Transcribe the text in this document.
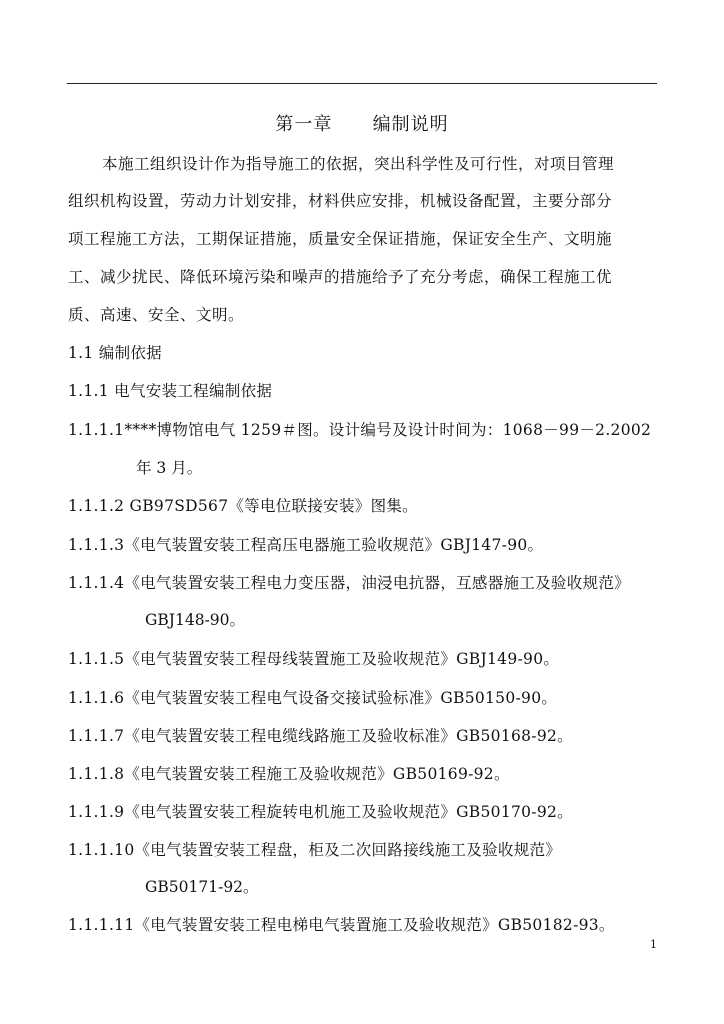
第一章      编制说明
本施工组织设计作为指导施工的依据，突出科学性及可行性，对项目管理
组织机构设置，劳动力计划安排，材料供应安排，机械设备配置，主要分部分
项工程施工方法，工期保证措施，质量安全保证措施，保证安全生产、文明施
工、减少扰民、降低环境污染和噪声的措施给予了充分考虑，确保工程施工优
质、高速、安全、文明。
1.1 编制依据
1.1.1 电气安装工程编制依据
1.1.1.1****博物馆电气 1259＃图。设计编号及设计时间为：1068－99－2.2002
年 3 月。
1.1.1.2 GB97SD567《等电位联接安装》图集。
1.1.1.3《电气装置安装工程高压电器施工验收规范》GBJ147-90。
1.1.1.4《电气装置安装工程电力变压器，油浸电抗器，互感器施工及验收规范》
GBJ148-90。
1.1.1.5《电气装置安装工程母线装置施工及验收规范》GBJ149-90。
1.1.1.6《电气装置安装工程电气设备交接试验标准》GB50150-90。
1.1.1.7《电气装置安装工程电缆线路施工及验收标准》GB50168-92。
1.1.1.8《电气装置安装工程施工及验收规范》GB50169-92。
1.1.1.9《电气装置安装工程旋转电机施工及验收规范》GB50170-92。
1.1.1.10《电气装置安装工程盘，柜及二次回路接线施工及验收规范》
GB50171-92。
1.1.1.11《电气装置安装工程电梯电气装置施工及验收规范》GB50182-93。
1
